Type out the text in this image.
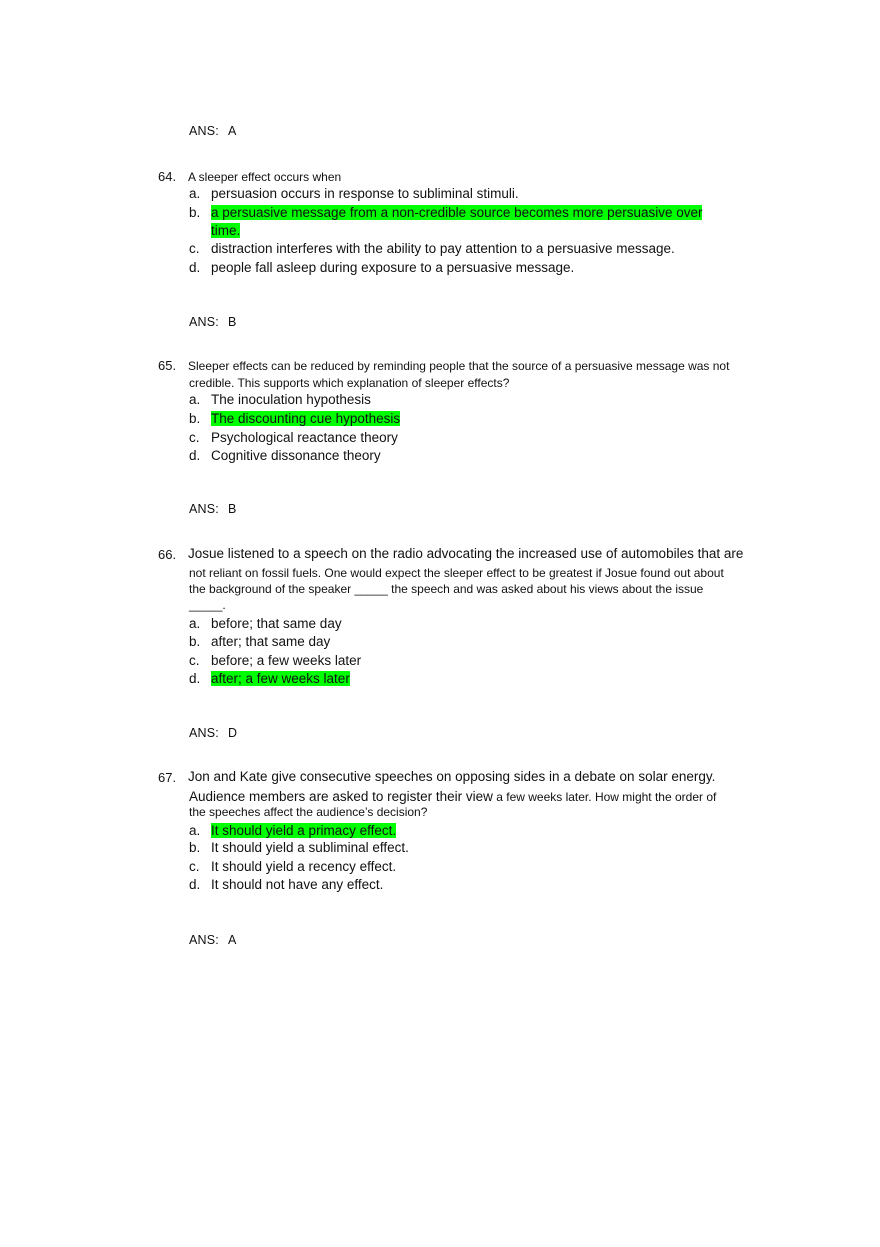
ANS: A
64. A sleeper effect occurs when
a. persuasion occurs in response to subliminal stimuli.
b. a persuasive message from a non-credible source becomes more persuasive over
time.
c. distraction interferes with the ability to pay attention to a persuasive message.
d. people fall asleep during exposure to a persuasive message.
ANS: B
65. Sleeper effects can be reduced by reminding people that the source of a persuasive message was not
credible. This supports which explanation of sleeper effects?
a. The inoculation hypothesis
b. The discounting cue hypothesis
c. Psychological reactance theory
d. Cognitive dissonance theory
ANS: B
66. Josue listened to a speech on the radio advocating the increased use of automobiles that are
not reliant on fossil fuels. One would expect the sleeper effect to be greatest if Josue found out about
the background of the speaker _____ the speech and was asked about his views about the issue
_____.
a. before; that same day
b. after; that same day
c. before; a few weeks later
d. after; a few weeks later
ANS: D
67. Jon and Kate give consecutive speeches on opposing sides in a debate on solar energy.
Audience members are asked to register their view a few weeks later. How might the order of
the speeches affect the audience’s decision?
a. It should yield a primacy effect.
b. It should yield a subliminal effect.
c. It should yield a recency effect.
d. It should not have any effect.
ANS: A
